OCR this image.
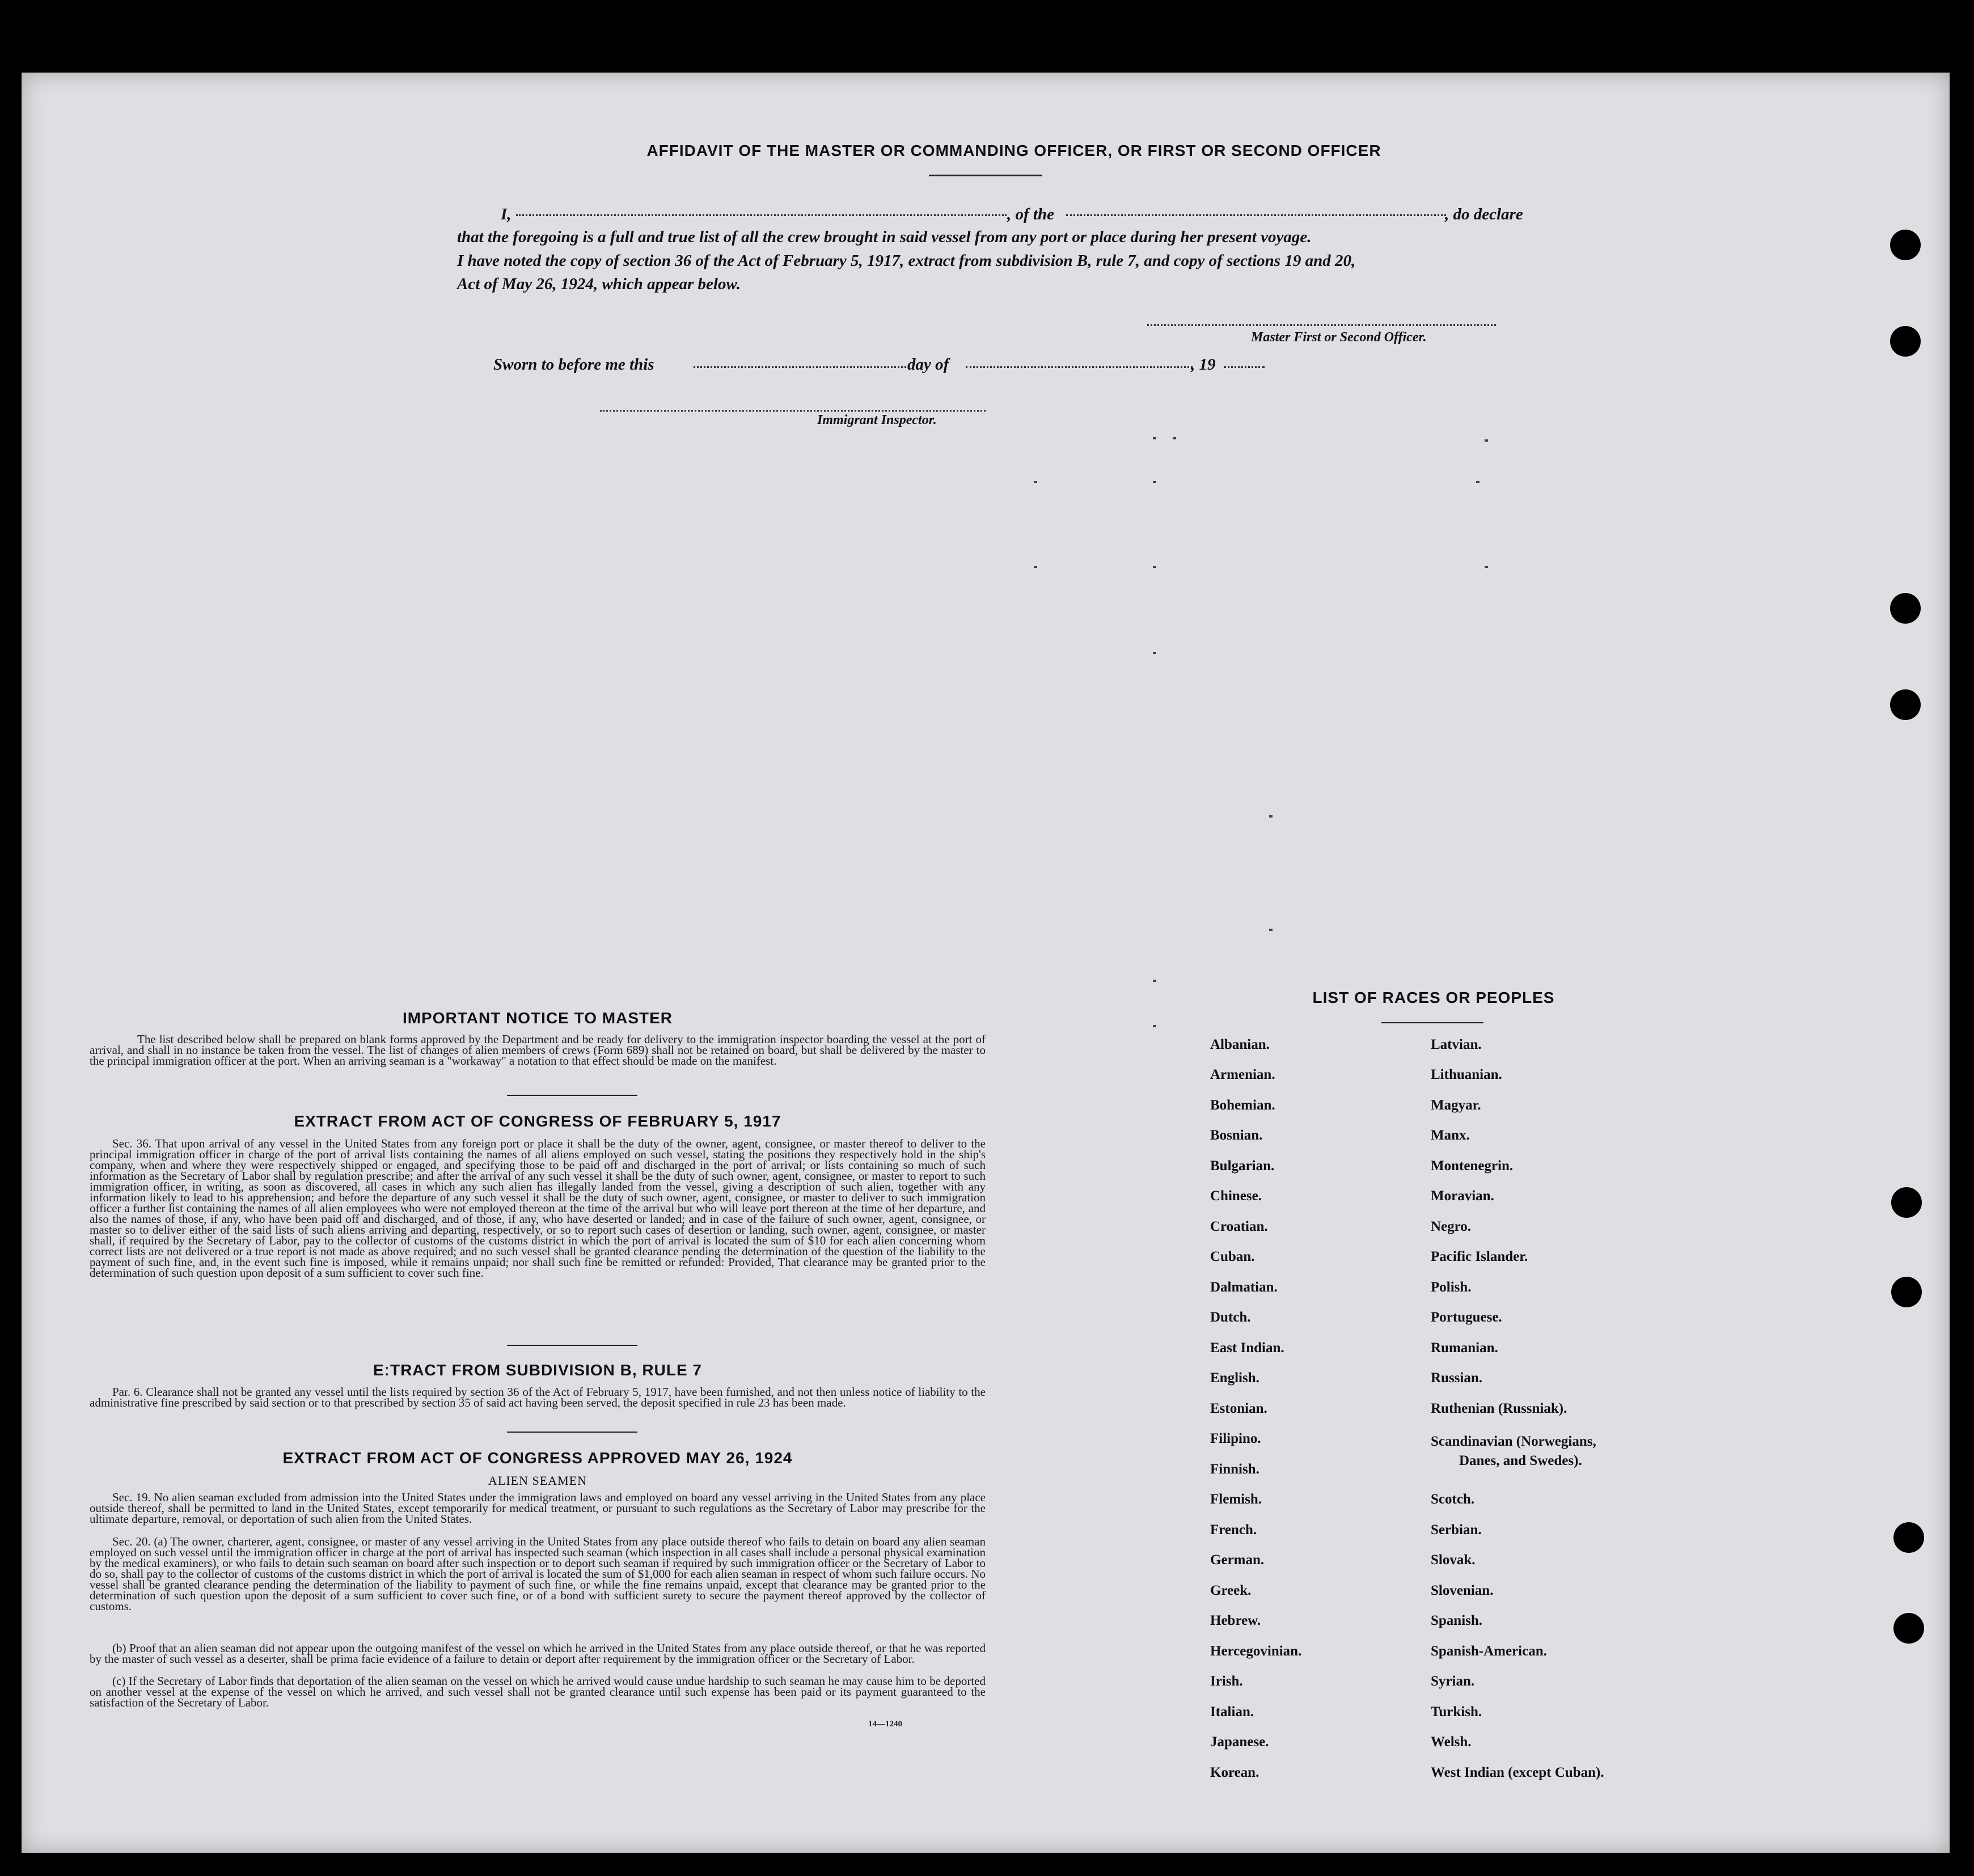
AFFIDAVIT OF THE MASTER OR COMMANDING OFFICER, OR FIRST OR SECOND OFFICER
I,	, of the	, do declare
that the foregoing is a full and true list of all the crew brought in said vessel from any port or place during her present voyage.
I have noted the copy of section 36 of the Act of February 5, 1917, extract from subdivision B, rule 7, and copy of sections 19 and 20,
Act of May 26, 1924, which appear below.
Master First or Second Officer.
Sworn to before me this	day of	, 19
Immigrant Inspector.
IMPORTANT NOTICE TO MASTER
The list described below shall be prepared on blank forms approved by the Department and be ready for delivery to the immigration inspector boarding the vessel at the port of arrival, and shall in no instance be taken from the vessel. The list of changes of alien members of crews (Form 689) shall not be retained on board, but shall be delivered by the master to the principal immigration officer at the port. When an arriving seaman is a "workaway" a notation to that effect should be made on the manifest.
EXTRACT FROM ACT OF CONGRESS OF FEBRUARY 5, 1917
Sec. 36. That upon arrival of any vessel in the United States from any foreign port or place it shall be the duty of the owner, agent, consignee, or master thereof to deliver to the principal immigration officer in charge of the port of arrival lists containing the names of all aliens employed on such vessel, stating the positions they respectively hold in the ship's company, when and where they were respectively shipped or engaged, and specifying those to be paid off and discharged in the port of arrival; or lists containing so much of such information as the Secretary of Labor shall by regulation prescribe; and after the arrival of any such vessel it shall be the duty of such owner, agent, consignee, or master to report to such immigration officer, in writing, as soon as discovered, all cases in which any such alien has illegally landed from the vessel, giving a description of such alien, together with any information likely to lead to his apprehension; and before the departure of any such vessel it shall be the duty of such owner, agent, consignee, or master to deliver to such immigration officer a further list containing the names of all alien employees who were not employed thereon at the time of the arrival but who will leave port thereon at the time of her departure, and also the names of those, if any, who have been paid off and discharged, and of those, if any, who have deserted or landed; and in case of the failure of such owner, agent, consignee, or master so to deliver either of the said lists of such aliens arriving and departing, respectively, or so to report such cases of desertion or landing, such owner, agent, consignee, or master shall, if required by the Secretary of Labor, pay to the collector of customs of the customs district in which the port of arrival is located the sum of $10 for each alien concerning whom correct lists are not delivered or a true report is not made as above required; and no such vessel shall be granted clearance pending the determination of the question of the liability to the payment of such fine, and, in the event such fine is imposed, while it remains unpaid; nor shall such fine be remitted or refunded: Provided, That clearance may be granted prior to the determination of such question upon deposit of a sum sufficient to cover such fine.
EːTRACT FROM SUBDIVISION B, RULE 7
Par. 6. Clearance shall not be granted any vessel until the lists required by section 36 of the Act of February 5, 1917, have been furnished, and not then unless notice of liability to the administrative fine prescribed by said section or to that prescribed by section 35 of said act having been served, the deposit specified in rule 23 has been made.
EXTRACT FROM ACT OF CONGRESS APPROVED MAY 26, 1924
ALIEN SEAMEN
Sec. 19. No alien seaman excluded from admission into the United States under the immigration laws and employed on board any vessel arriving in the United States from any place outside thereof, shall be permitted to land in the United States, except temporarily for medical treatment, or pursuant to such regulations as the Secretary of Labor may prescribe for the ultimate departure, removal, or deportation of such alien from the United States.
Sec. 20. (a) The owner, charterer, agent, consignee, or master of any vessel arriving in the United States from any place outside thereof who fails to detain on board any alien seaman employed on such vessel until the immigration officer in charge at the port of arrival has inspected such seaman (which inspection in all cases shall include a personal physical examination by the medical examiners), or who fails to detain such seaman on board after such inspection or to deport such seaman if required by such immigration officer or the Secretary of Labor to do so, shall pay to the collector of customs of the customs district in which the port of arrival is located the sum of $1,000 for each alien seaman in respect of whom such failure occurs. No vessel shall be granted clearance pending the determination of the liability to payment of such fine, or while the fine remains unpaid, except that clearance may be granted prior to the determination of such question upon the deposit of a sum sufficient to cover such fine, or of a bond with sufficient surety to secure the payment thereof approved by the collector of customs.
(b) Proof that an alien seaman did not appear upon the outgoing manifest of the vessel on which he arrived in the United States from any place outside thereof, or that he was reported by the master of such vessel as a deserter, shall be prima facie evidence of a failure to detain or deport after requirement by the immigration officer or the Secretary of Labor.
(c) If the Secretary of Labor finds that deportation of the alien seaman on the vessel on which he arrived would cause undue hardship to such seaman he may cause him to be deported on another vessel at the expense of the vessel on which he arrived, and such vessel shall not be granted clearance until such expense has been paid or its payment guaranteed to the satisfaction of the Secretary of Labor.
14—1240
LIST OF RACES OR PEOPLES
Albanian.
Armenian.
Bohemian.
Bosnian.
Bulgarian.
Chinese.
Croatian.
Cuban.
Dalmatian.
Dutch.
East Indian.
English.
Estonian.
Filipino.
Finnish.
Flemish.
French.
German.
Greek.
Hebrew.
Hercegovinian.
Irish.
Italian.
Japanese.
Korean.
Latvian.
Lithuanian.
Magyar.
Manx.
Montenegrin.
Moravian.
Negro.
Pacific Islander.
Polish.
Portuguese.
Rumanian.
Russian.
Ruthenian (Russniak).
Scandinavian (Norwegians,
Danes, and Swedes).
Scotch.
Serbian.
Slovak.
Slovenian.
Spanish.
Spanish-American.
Syrian.
Turkish.
Welsh.
West Indian (except Cuban).
